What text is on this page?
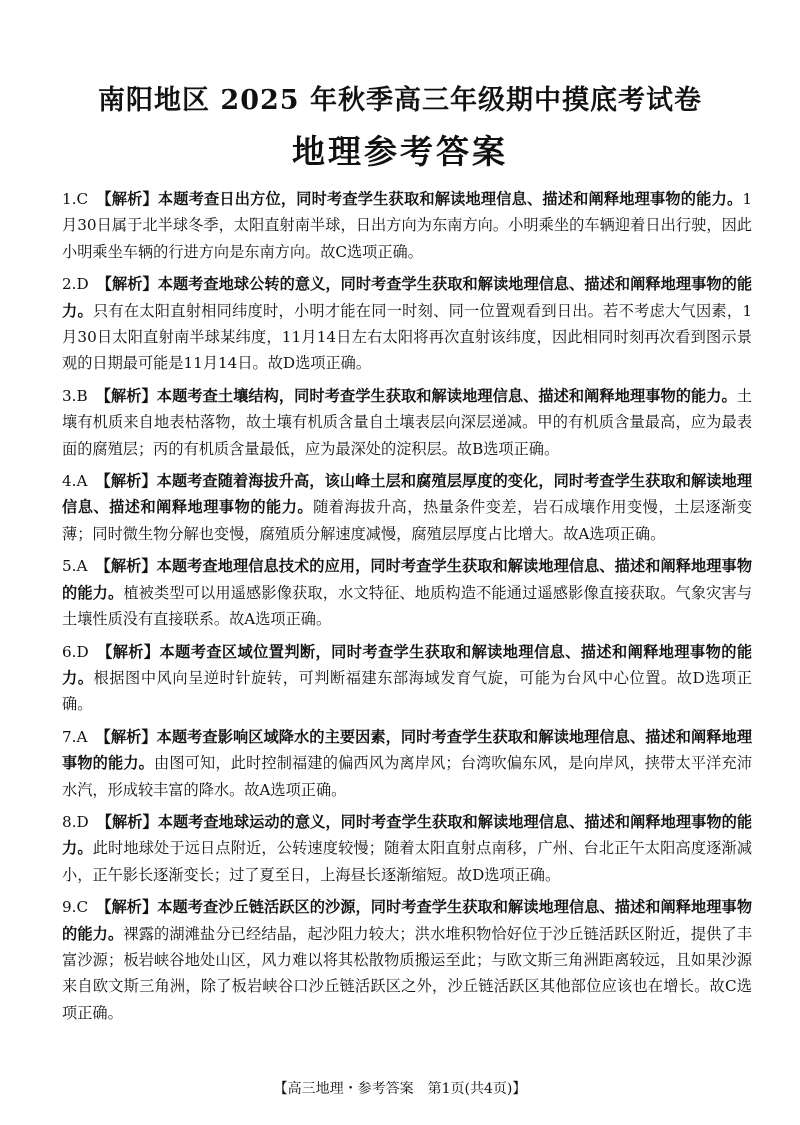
南阳地区 2025 年秋季高三年级期中摸底考试卷
地理参考答案
1.C 【解析】本题考查日出方位，同时考查学生获取和解读地理信息、描述和阐释地理事物的能力。1月30日属于北半球冬季，太阳直射南半球，日出方向为东南方向。小明乘坐的车辆迎着日出行驶，因此小明乘坐车辆的行进方向是东南方向。故C选项正确。
2.D 【解析】本题考查地球公转的意义，同时考查学生获取和解读地理信息、描述和阐释地理事物的能力。只有在太阳直射相同纬度时，小明才能在同一时刻、同一位置观看到日出。若不考虑大气因素，1月30日太阳直射南半球某纬度，11月14日左右太阳将再次直射该纬度，因此相同时刻再次看到图示景观的日期最可能是11月14日。故D选项正确。
3.B 【解析】本题考查土壤结构，同时考查学生获取和解读地理信息、描述和阐释地理事物的能力。土壤有机质来自地表枯落物，故土壤有机质含量自土壤表层向深层递减。甲的有机质含量最高，应为最表面的腐殖层；丙的有机质含量最低，应为最深处的淀积层。故B选项正确。
4.A 【解析】本题考查随着海拔升高，该山峰土层和腐殖层厚度的变化，同时考查学生获取和解读地理信息、描述和阐释地理事物的能力。随着海拔升高，热量条件变差，岩石成壤作用变慢，土层逐渐变薄；同时微生物分解也变慢，腐殖质分解速度减慢，腐殖层厚度占比增大。故A选项正确。
5.A 【解析】本题考查地理信息技术的应用，同时考查学生获取和解读地理信息、描述和阐释地理事物的能力。植被类型可以用遥感影像获取，水文特征、地质构造不能通过遥感影像直接获取。气象灾害与土壤性质没有直接联系。故A选项正确。
6.D 【解析】本题考查区域位置判断，同时考查学生获取和解读地理信息、描述和阐释地理事物的能力。根据图中风向呈逆时针旋转，可判断福建东部海域发育气旋，可能为台风中心位置。故D选项正确。
7.A 【解析】本题考查影响区域降水的主要因素，同时考查学生获取和解读地理信息、描述和阐释地理事物的能力。由图可知，此时控制福建的偏西风为离岸风；台湾吹偏东风，是向岸风，挟带太平洋充沛水汽，形成较丰富的降水。故A选项正确。
8.D 【解析】本题考查地球运动的意义，同时考查学生获取和解读地理信息、描述和阐释地理事物的能力。此时地球处于远日点附近，公转速度较慢；随着太阳直射点南移，广州、台北正午太阳高度逐渐减小，正午影长逐渐变长；过了夏至日，上海昼长逐渐缩短。故D选项正确。
9.C 【解析】本题考查沙丘链活跃区的沙源，同时考查学生获取和解读地理信息、描述和阐释地理事物的能力。裸露的湖滩盐分已经结晶，起沙阻力较大；洪水堆积物恰好位于沙丘链活跃区附近，提供了丰富沙源；板岩峡谷地处山区，风力难以将其松散物质搬运至此；与欧文斯三角洲距离较远，且如果沙源来自欧文斯三角洲，除了板岩峡谷口沙丘链活跃区之外，沙丘链活跃区其他部位应该也在增长。故C选项正确。
【高三地理・参考答案　第1页(共4页)】
